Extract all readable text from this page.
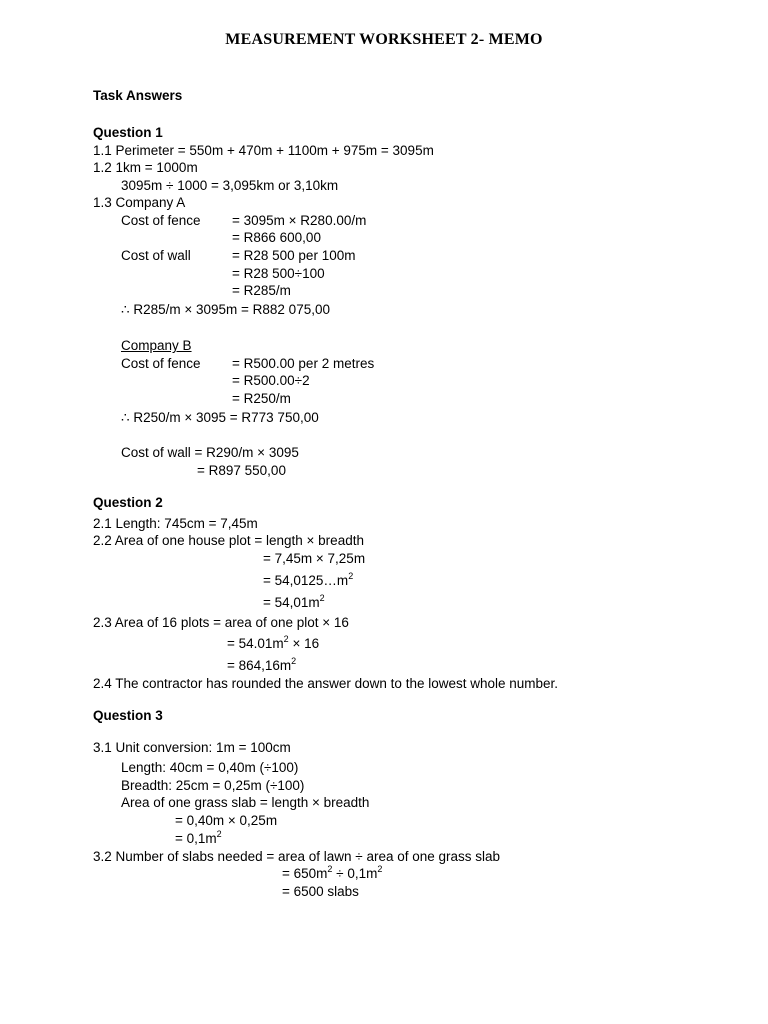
MEASUREMENT WORKSHEET 2- MEMO
Task Answers
Question 1
1.1 Perimeter = 550m + 470m + 1100m + 975m = 3095m
1.2 1km = 1000m
3095m ÷ 1000 = 3,095km or 3,10km
1.3 Company A
Cost of fence = 3095m × R280.00/m
= R866 600,00
Cost of wall	= R28 500 per 100m
= R28 500÷100
= R285/m
∴ R285/m × 3095m = R882 075,00
Company B
Cost of fence = R500.00 per 2 metres
= R500.00÷2
= R250/m
∴ R250/m × 3095 = R773 750,00
Cost of wall = R290/m × 3095
= R897 550,00
Question 2
2.1 Length: 745cm = 7,45m
2.2 Area of one house plot = length × breadth
= 7,45m × 7,25m
= $54,0125\dots m^2$
= $54,01m^2$
2.3 Area of 16 plots = area of one plot × 16
= $54.01m^2 \times 16$
= $864,16m^2$
2.4 The contractor has rounded the answer down to the lowest whole number.
Question 3
3.1 Unit conversion: 1m = 100cm
Length: 40cm = 0,40m (÷100)
Breadth: 25cm = 0,25m (÷100)
Area of one grass slab = length × breadth
= 0,40m × 0,25m
= $0,1m^2$
3.2 Number of slabs needed = area of lawn ÷ area of one grass slab
= $650m^2 \div 0,1m^2$
= 6500 slabs
